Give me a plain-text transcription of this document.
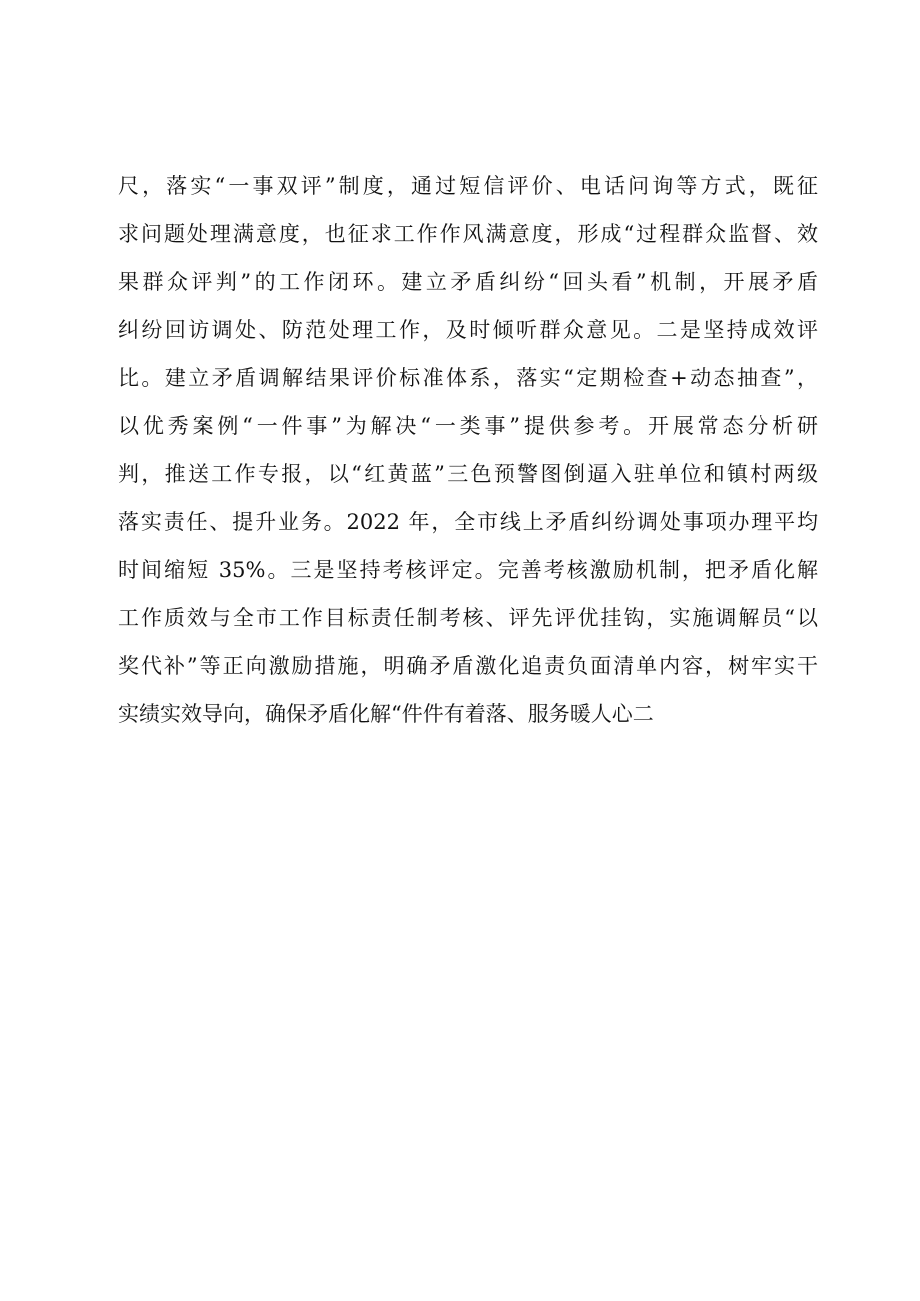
尺，落实“一事双评”制度，通过短信评价、电话问询等方式，既征
求问题处理满意度，也征求工作作风满意度，形成“过程群众监督、效
果群众评判”的工作闭环。建立矛盾纠纷“回头看”机制，开展矛盾
纠纷回访调处、防范处理工作，及时倾听群众意见。二是坚持成效评
比。建立矛盾调解结果评价标准体系，落实“定期检查+动态抽查”，
以优秀案例“一件事”为解决“一类事”提供参考。开展常态分析研
判，推送工作专报，以“红黄蓝”三色预警图倒逼入驻单位和镇村两级
落实责任、提升业务。2022 年，全市线上矛盾纠纷调处事项办理平均
时间缩短 35%。三是坚持考核评定。完善考核激励机制，把矛盾化解
工作质效与全市工作目标责任制考核、评先评优挂钩，实施调解员“以
奖代补”等正向激励措施，明确矛盾激化追责负面清单内容，树牢实干
实绩实效导向，确保矛盾化解“件件有着落、服务暖人心二
